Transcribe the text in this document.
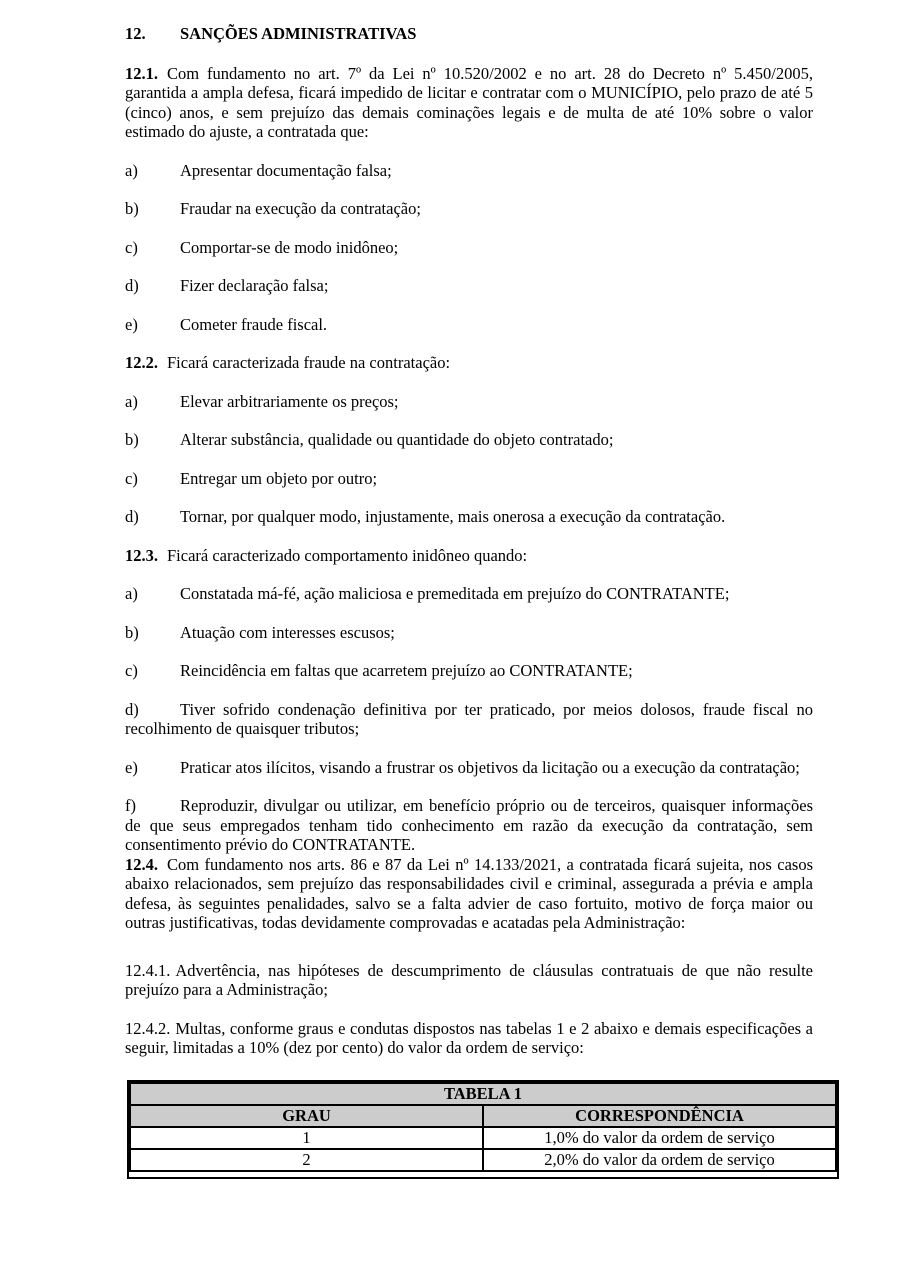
12. SANÇÕES ADMINISTRATIVAS

12.1. Com fundamento no art. 7º da Lei nº 10.520/2002 e no art. 28 do Decreto nº 5.450/2005, garantida a ampla defesa, ficará impedido de licitar e contratar com o MUNICÍPIO, pelo prazo de até 5 (cinco) anos, e sem prejuízo das demais cominações legais e de multa de até 10% sobre o valor estimado do ajuste, a contratada que:

a)	Apresentar documentação falsa;

b)	Fraudar na execução da contratação;

c)	Comportar-se de modo inidôneo;

d)	Fizer declaração falsa;

e)	Cometer fraude fiscal.

12.2. Ficará caracterizada fraude na contratação:

a)	Elevar arbitrariamente os preços;

b)	Alterar substância, qualidade ou quantidade do objeto contratado;

c)	Entregar um objeto por outro;

d)	Tornar, por qualquer modo, injustamente, mais onerosa a execução da contratação.

12.3. Ficará caracterizado comportamento inidôneo quando:

a)	Constatada má-fé, ação maliciosa e premeditada em prejuízo do CONTRATANTE;

b)	Atuação com interesses escusos;

c)	Reincidência em faltas que acarretem prejuízo ao CONTRATANTE;

d)	Tiver sofrido condenação definitiva por ter praticado, por meios dolosos, fraude fiscal no recolhimento de quaisquer tributos;

e)	Praticar atos ilícitos, visando a frustrar os objetivos da licitação ou a execução da contratação;

f)	Reproduzir, divulgar ou utilizar, em benefício próprio ou de terceiros, quaisquer informações de que seus empregados tenham tido conhecimento em razão da execução da contratação, sem consentimento prévio do CONTRATANTE.

12.4. Com fundamento nos arts. 86 e 87 da Lei nº 14.133/2021, a contratada ficará sujeita, nos casos abaixo relacionados, sem prejuízo das responsabilidades civil e criminal, assegurada a prévia e ampla defesa, às seguintes penalidades, salvo se a falta advier de caso fortuito, motivo de força maior ou outras justificativas, todas devidamente comprovadas e acatadas pela Administração:

12.4.1. Advertência, nas hipóteses de descumprimento de cláusulas contratuais de que não resulte prejuízo para a Administração;

12.4.2. Multas, conforme graus e condutas dispostos nas tabelas 1 e 2 abaixo e demais especificações a seguir, limitadas a 10% (dez por cento) do valor da ordem de serviço:

TABELA 1	
GRAU	CORRESPONDÊNCIA
1	1,0% do valor da ordem de serviço
2	2,0% do valor da ordem de serviço
